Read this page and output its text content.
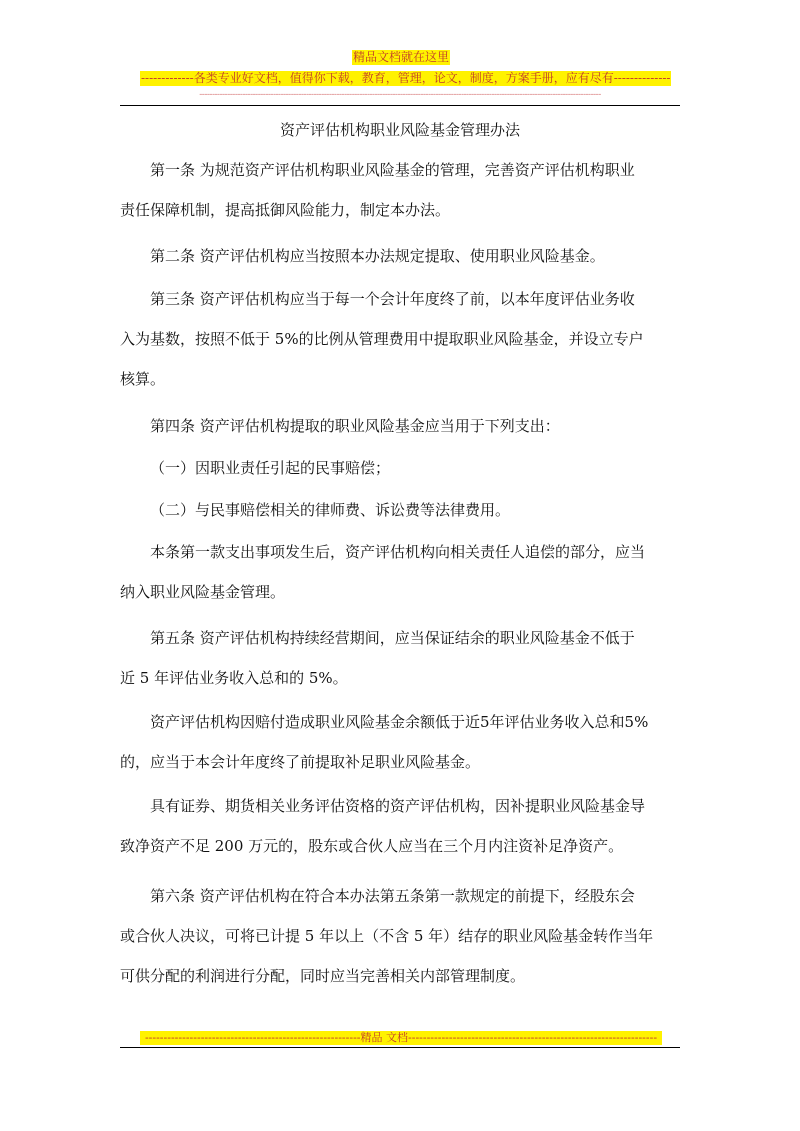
精品文档就在这里
-------------各类专业好文档，值得你下载，教育，管理，论文，制度，方案手册，应有尽有--------------
--------------------------------------------------------------------------------------------------------------------------------------------------------------
资产评估机构职业风险基金管理办法
第一条 为规范资产评估机构职业风险基金的管理，完善资产评估机构职业
责任保障机制，提高抵御风险能力，制定本办法。
第二条 资产评估机构应当按照本办法规定提取、使用职业风险基金。
第三条 资产评估机构应当于每一个会计年度终了前，以本年度评估业务收
入为基数，按照不低于 5%的比例从管理费用中提取职业风险基金，并设立专户
核算。
第四条 资产评估机构提取的职业风险基金应当用于下列支出：
（一）因职业责任引起的民事赔偿；
（二）与民事赔偿相关的律师费、诉讼费等法律费用。
本条第一款支出事项发生后，资产评估机构向相关责任人追偿的部分，应当
纳入职业风险基金管理。
第五条 资产评估机构持续经营期间，应当保证结余的职业风险基金不低于
近 5 年评估业务收入总和的 5%。
资产评估机构因赔付造成职业风险基金余额低于近5年评估业务收入总和5%
的，应当于本会计年度终了前提取补足职业风险基金。
具有证券、期货相关业务评估资格的资产评估机构，因补提职业风险基金导
致净资产不足 200 万元的，股东或合伙人应当在三个月内注资补足净资产。
第六条 资产评估机构在符合本办法第五条第一款规定的前提下，经股东会
或合伙人决议，可将已计提 5 年以上（不含 5 年）结存的职业风险基金转作当年
可供分配的利润进行分配，同时应当完善相关内部管理制度。
----------------------------------------------------------精品 文档-------------------------------------------------------------------
